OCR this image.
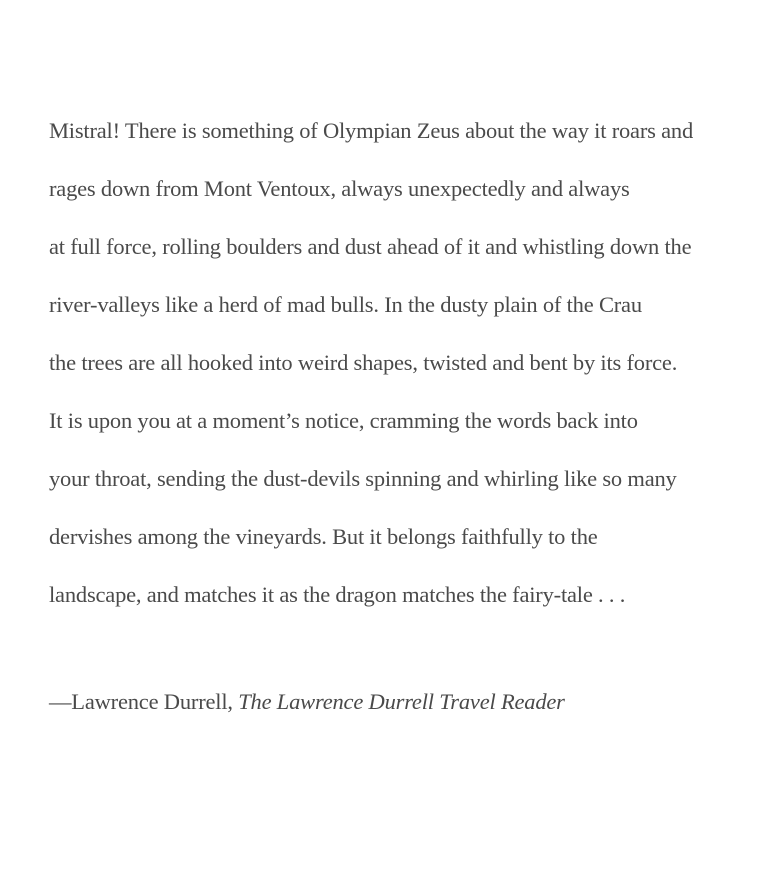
Mistral! There is something of Olympian Zeus about the way it roars and
rages down from Mont Ventoux, always unexpectedly and always
at full force, rolling boulders and dust ahead of it and whistling down the
river-valleys like a herd of mad bulls. In the dusty plain of the Crau
the trees are all hooked into weird shapes, twisted and bent by its force.
It is upon you at a moment’s notice, cramming the words back into
your throat, sending the dust-devils spinning and whirling like so many
dervishes among the vineyards. But it belongs faithfully to the
landscape, and matches it as the dragon matches the fairy-tale . . .
—Lawrence Durrell, The Lawrence Durrell Travel Reader
